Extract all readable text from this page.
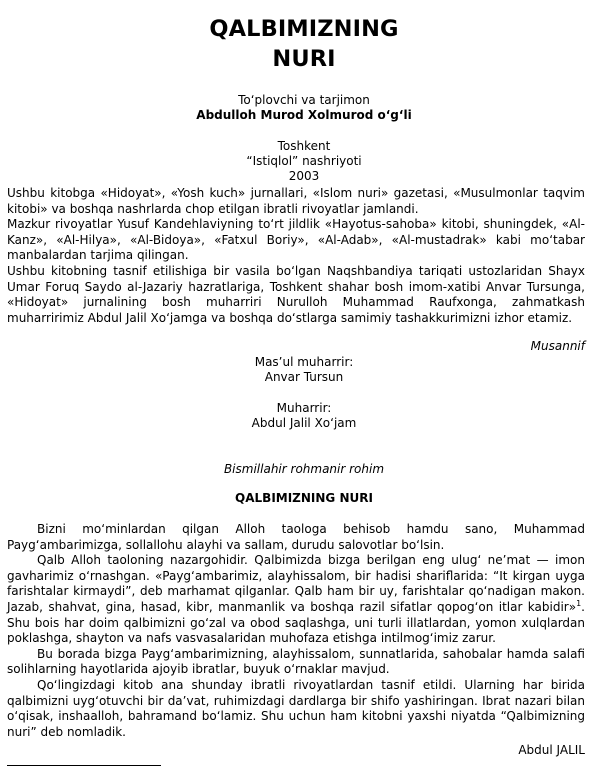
QALBIMIZNING
NURI
To‘plovchi va tarjimon
Abdulloh Murod Xolmurod o‘g‘li
Toshkent
“Istiqlol” nashriyoti
2003

Ushbu kitobga «Hidoyat», «Yosh kuch» jurnallari, «Islom nuri» gazetasi, «Musulmonlar taqvim kitobi» va boshqa nashrlarda chop etilgan ibratli rivoyatlar jamlandi.

Mazkur rivoyatlar Yusuf Kandehlaviyning to‘rt jildlik «Hayotus-sahoba» kitobi, shuningdek, «Al-Kanz», «Al-Hilya», «Al-Bidoya», «Fatxul Boriy», «Al-Adab», «Al-mustadrak» kabi mo‘tabar manbalardan tarjima qilingan.

Ushbu kitobning tasnif etilishiga bir vasila bo‘lgan Naqshbandiya tariqati ustozlaridan Shayx Umar Foruq Saydo al-Jazariy hazratlariga, Toshkent shahar bosh imom-xatibi Anvar Tursunga, «Hidoyat» jurnalining bosh muharriri Nurulloh Muhammad Raufxonga, zahmatkash muharririmiz Abdul Jalil Xo‘jamga va boshqa do‘stlarga samimiy tashakkurimizni izhor etamiz.

Musannif
Mas’ul muharrir:
Anvar Tursun
Muharrir:
Abdul Jalil Xo‘jam
Bismillahir rohmanir rohim
QALBIMIZNING NURI

Bizni mo‘minlardan qilgan Alloh taologa behisob hamdu sano, Muhammad Payg‘ambarimizga, sollallohu alayhi va sallam, durudu salovotlar bo‘lsin.

Qalb Alloh taoloning nazargohidir. Qalbimizda bizga berilgan eng ulug‘ ne’mat — imon gavharimiz o‘rnashgan. «Payg‘ambarimiz, alayhissalom, bir hadisi shariflarida: “It kirgan uyga farishtalar kirmaydi”, deb marhamat qilganlar. Qalb ham bir uy, farishtalar qo‘nadigan makon. Jazab, shahvat, gina, hasad, kibr, manmanlik va boshqa razil sifatlar qopog‘on itlar kabidir»$^1$. Shu bois har doim qalbimizni go‘zal va obod saqlashga, uni turli illatlardan, yomon xulqlardan poklashga, shayton va nafs vasvasalaridan muhofaza etishga intilmog‘imiz zarur.

Bu borada bizga Payg‘ambarimizning, alayhissalom, sunnatlarida, sahobalar hamda salafi solihlarning hayotlarida ajoyib ibratlar, buyuk o‘rnaklar mavjud.

Qo‘lingizdagi kitob ana shunday ibratli rivoyatlardan tasnif etildi. Ularning har birida qalbimizni uyg‘otuvchi bir da’vat, ruhimizdagi dardlarga bir shifo yashiringan. Ibrat nazari bilan o‘qisak, inshaalloh, bahramand bo‘lamiz. Shu uchun ham kitobni yaxshi niyatda “Qalbimizning nuri” deb nomladik.

Abdul JALIL
